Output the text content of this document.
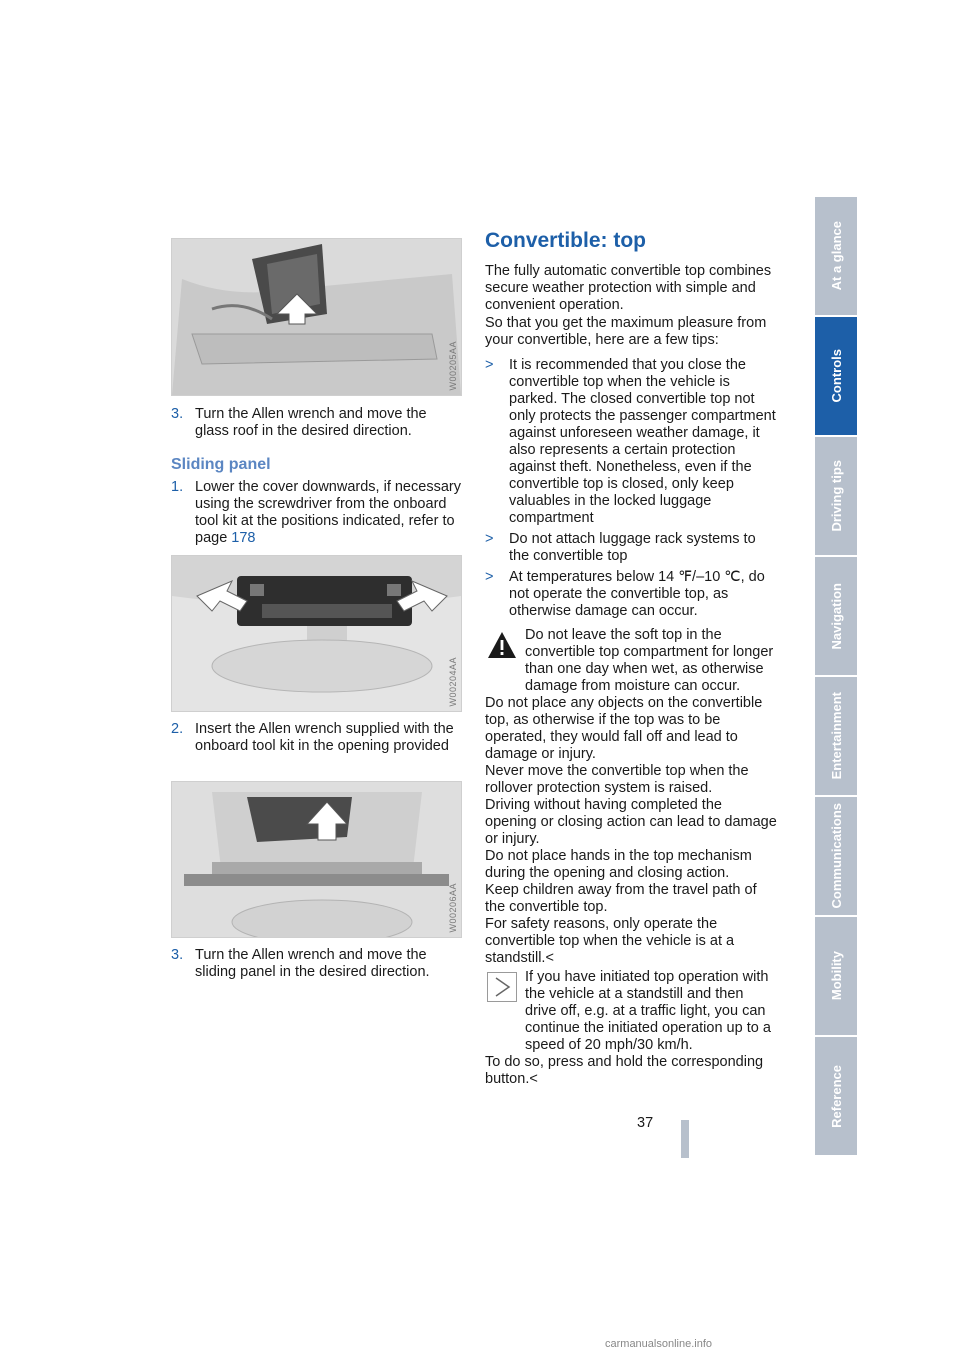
W00205AA
3. Turn the Allen wrench and move the glass roof in the desired direction.
Sliding panel
1. Lower the cover downwards, if necessary using the screwdriver from the onboard tool kit at the positions indicated, refer to page 178
W00204AA
2. Insert the Allen wrench supplied with the onboard tool kit in the opening provided
W00206AA
3. Turn the Allen wrench and move the sliding panel in the desired direction.
Convertible: top

The fully automatic convertible top combines secure weather protection with simple and convenient operation.

So that you get the maximum pleasure from your convertible, here are a few tips:

> It is recommended that you close the convertible top when the vehicle is parked. The closed convertible top not only protects the passenger compartment against unforeseen weather damage, it also represents a certain protection against theft. Nonetheless, even if the convertible top is closed, only keep valuables in the locked luggage compartment
> Do not attach luggage rack systems to the convertible top
> At temperatures below 14 ℉/–10 ℃, do not operate the convertible top, as otherwise damage can occur.

Do not leave the soft top in the convertible top compartment for longer than one day when wet, as otherwise damage from moisture can occur.

Do not place any objects on the convertible top, as otherwise if the top was to be operated, they would fall off and lead to damage or injury.

Never move the convertible top when the rollover protection system is raised.

Driving without having completed the opening or closing action can lead to damage or injury.

Do not place hands in the top mechanism during the opening and closing action.

Keep children away from the travel path of the convertible top.

For safety reasons, only operate the convertible top when the vehicle is at a standstill.<

If you have initiated top operation with the vehicle at a standstill and then drive off, e.g. at a traffic light, you can continue the initiated operation up to a speed of 20 mph/30 km/h.

To do so, press and hold the corresponding button.<

At a glance
Controls
Driving tips
Navigation
Entertainment
Communications
Mobility
Reference
37
carmanualsonline.info
